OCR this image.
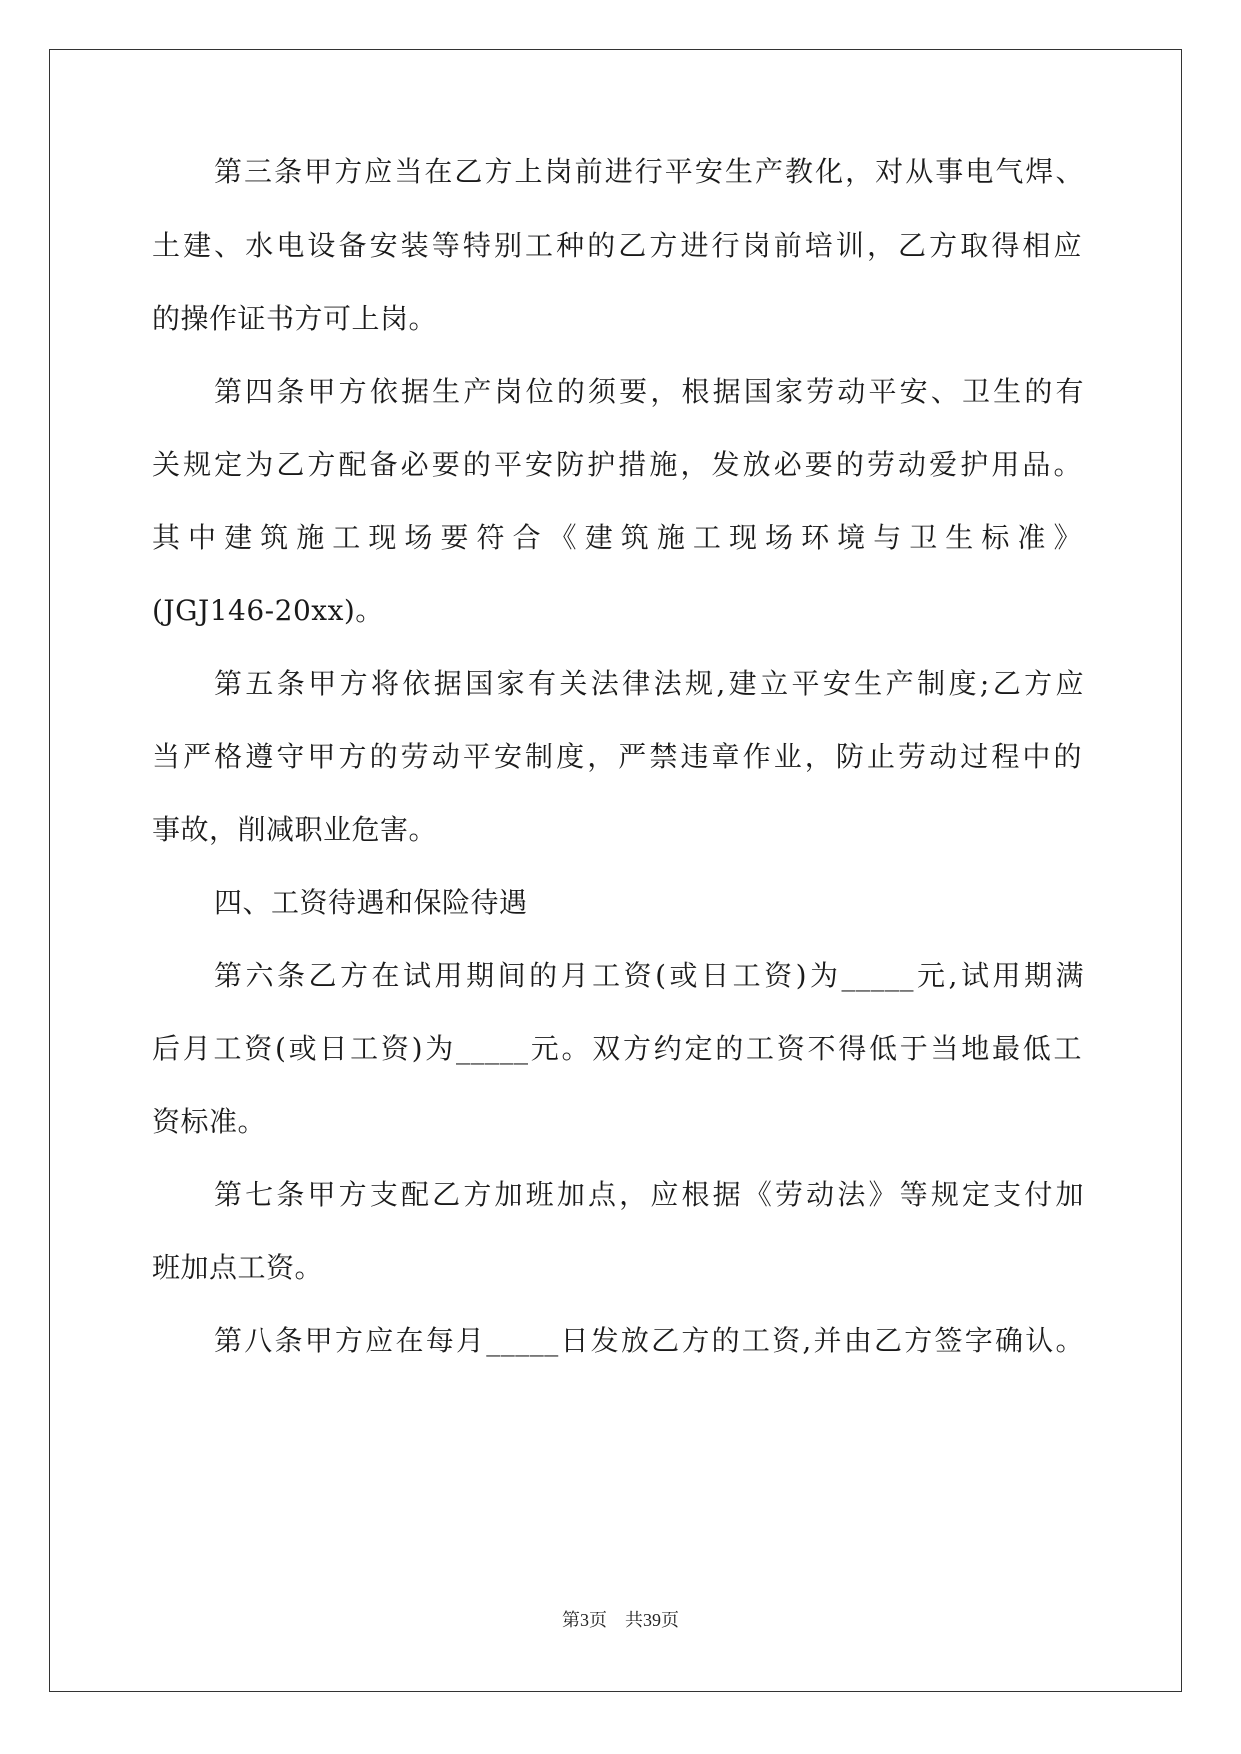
第三条甲方应当在乙方上岗前进行平安生产教化，对从事电气焊、
土建、水电设备安装等特别工种的乙方进行岗前培训，乙方取得相应
的操作证书方可上岗。
第四条甲方依据生产岗位的须要，根据国家劳动平安、卫生的有
关规定为乙方配备必要的平安防护措施，发放必要的劳动爱护用品。
其中建筑施工现场要符合《建筑施工现场环境与卫生标准》
(JGJ146-20xx)。
第五条甲方将依据国家有关法律法规,建立平安生产制度;乙方应
当严格遵守甲方的劳动平安制度，严禁违章作业，防止劳动过程中的
事故，削减职业危害。
四、工资待遇和保险待遇
第六条乙方在试用期间的月工资(或日工资)为_____元,试用期满
后月工资(或日工资)为_____元。双方约定的工资不得低于当地最低工
资标准。
第七条甲方支配乙方加班加点，应根据《劳动法》等规定支付加
班加点工资。
第八条甲方应在每月_____日发放乙方的工资,并由乙方签字确认。
第3页 共39页
